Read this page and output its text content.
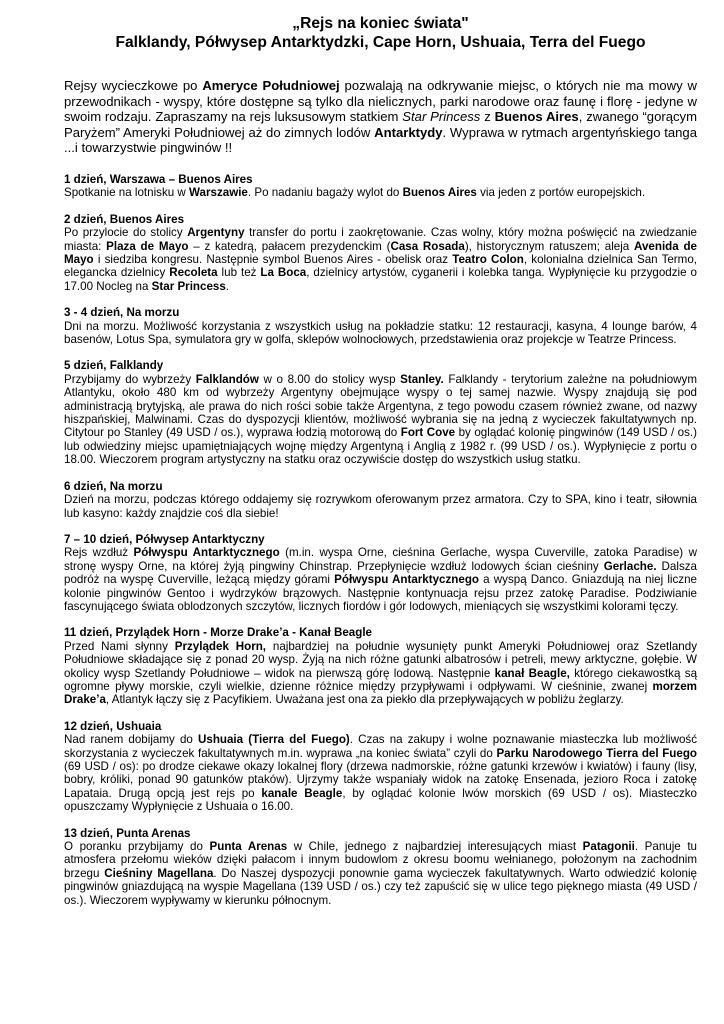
„Rejs na koniec świata"
Falklandy, Półwysep Antarktydzki, Cape Horn, Ushuaia, Terra del Fuego

Rejsy wycieczkowe po Ameryce Południowej pozwalają na odkrywanie miejsc, o których nie ma mowy w przewodnikach - wyspy, które dostępne są tylko dla nielicznych, parki narodowe oraz faunę i florę - jedyne w swoim rodzaju. Zapraszamy na rejs luksusowym statkiem Star Princess z Buenos Aires, zwanego “gorącym Paryżem” Ameryki Południowej aż do zimnych lodów Antarktydy. Wyprawa w rytmach argentyńskiego tanga ...i towarzystwie pingwinów !!

1 dzień, Warszawa – Buenos Aires

Spotkanie na lotnisku w Warszawie. Po nadaniu bagaży wylot do Buenos Aires via jeden z portów europejskich.

2 dzień, Buenos Aires

Po przylocie do stolicy Argentyny transfer do portu i zaokrętowanie. Czas wolny, który można poświęcić na zwiedzanie miasta: Plaza de Mayo – z katedrą, pałacem prezydenckim (Casa Rosada), historycznym ratuszem; aleja Avenida de Mayo i siedziba kongresu. Następnie symbol Buenos Aires - obelisk oraz Teatro Colon, kolonialna dzielnica San Termo, elegancka dzielnicy Recoleta lub też La Boca, dzielnicy artystów, cyganerii i kolebka tanga. Wypłynięcie ku przygodzie o 17.00 Nocleg na Star Princess.

3 - 4 dzień, Na morzu

Dni na morzu. Możliwość korzystania z wszystkich usług na pokładzie statku: 12 restauracji, kasyna, 4 lounge barów, 4 basenów, Lotus Spa, symulatora gry w golfa, sklepów wolnocłowych, przedstawienia oraz projekcje w Teatrze Princess.

5 dzień, Falklandy

Przybijamy do wybrzeży Falklandów w o 8.00 do stolicy wysp Stanley. Falklandy - terytorium zależne na południowym Atlantyku, około 480 km od wybrzeży Argentyny obejmujące wyspy o tej samej nazwie. Wyspy znajdują się pod administracją brytyjską, ale prawa do nich rości sobie także Argentyna, z tego powodu czasem również zwane, od nazwy hiszpańskiej, Malwinami. Czas do dyspozycji klientów, możliwość wybrania się na jedną z wycieczek fakultatywnych np. Citytour po Stanley (49 USD / os.), wyprawa łodzią motorową do Fort Cove by oglądać kolonię pingwinów (149 USD / os.) lub odwiedziny miejsc upamiętniających wojnę między Argentyną i Anglią z 1982 r. (99 USD / os.). Wypłynięcie z portu o 18.00. Wieczorem program artystyczny na statku oraz oczywiście dostęp do wszystkich usług statku.

6 dzień, Na morzu

Dzień na morzu, podczas którego oddajemy się rozrywkom oferowanym przez armatora. Czy to SPA, kino i teatr, siłownia lub kasyno: każdy znajdzie coś dla siebie!

7 – 10 dzień, Półwysep Antarktyczny

Rejs wzdłuż Półwyspu Antarktycznego (m.in. wyspa Orne, cieśnina Gerlache, wyspa Cuverville, zatoka Paradise) w stronę wyspy Orne, na której żyją pingwiny Chinstrap. Przepłynięcie wzdłuż lodowych ścian cieśniny Gerlache. Dalsza podróż na wyspę Cuverville, leżącą między górami Półwyspu Antarktycznego a wyspą Danco. Gniazdują na niej liczne kolonie pingwinów Gentoo i wydrzyków brązowych. Następnie kontynuacja rejsu przez zatokę Paradise. Podziwianie fascynującego świata oblodzonych szczytów, licznych fiordów i gór lodowych, mieniących się wszystkimi kolorami tęczy.

11 dzień, Przylądek Horn - Morze Drake’a - Kanał Beagle

Przed Nami słynny Przylądek Horn, najbardziej na południe wysunięty punkt Ameryki Południowej oraz Szetlandy Południowe składające się z ponad 20 wysp. Żyją na nich różne gatunki albatrosów i petreli, mewy arktyczne, gołębie. W okolicy wysp Szetlandy Południowe – widok na pierwszą górę lodową. Następnie kanał Beagle, którego ciekawostką są ogromne pływy morskie, czyli wielkie, dzienne różnice między przypływami i odpływami. W cieśninie, zwanej morzem Drake’a, Atlantyk łączy się z Pacyfikiem. Uważana jest ona za piekło dla przepływających w pobliżu żeglarzy.

12 dzień, Ushuaia

Nad ranem dobijamy do Ushuaia (Tierra del Fuego). Czas na zakupy i wolne poznawanie miasteczka lub możliwość skorzystania z wycieczek fakultatywnych m.in. wyprawa „na koniec świata” czyli do Parku Narodowego Tierra del Fuego (69 USD / os): po drodze ciekawe okazy lokalnej flory (drzewa nadmorskie, różne gatunki krzewów i kwiatów) i fauny (lisy, bobry, króliki, ponad 90 gatunków ptaków). Ujrzymy także wspaniały widok na zatokę Ensenada, jezioro Roca i zatokę Lapataia. Drugą opcją jest rejs po kanale Beagle, by oglądać kolonie lwów morskich (69 USD / os). Miasteczko opuszczamy Wypłynięcie z Ushuaia o 16.00.

13 dzień, Punta Arenas

O poranku przybijamy do Punta Arenas w Chile, jednego z najbardziej interesujących miast Patagonii. Panuje tu atmosfera przełomu wieków dzięki pałacom i innym budowlom z okresu boomu wełnianego, położonym na zachodnim brzegu Cieśniny Magellana. Do Naszej dyspozycji ponownie gama wycieczek fakultatywnych. Warto odwiedzić kolonię pingwinów gniazdującą na wyspie Magellana (139 USD / os.) czy też zapuścić się w ulice tego pięknego miasta (49 USD / os.). Wieczorem wypływamy w kierunku północnym.
